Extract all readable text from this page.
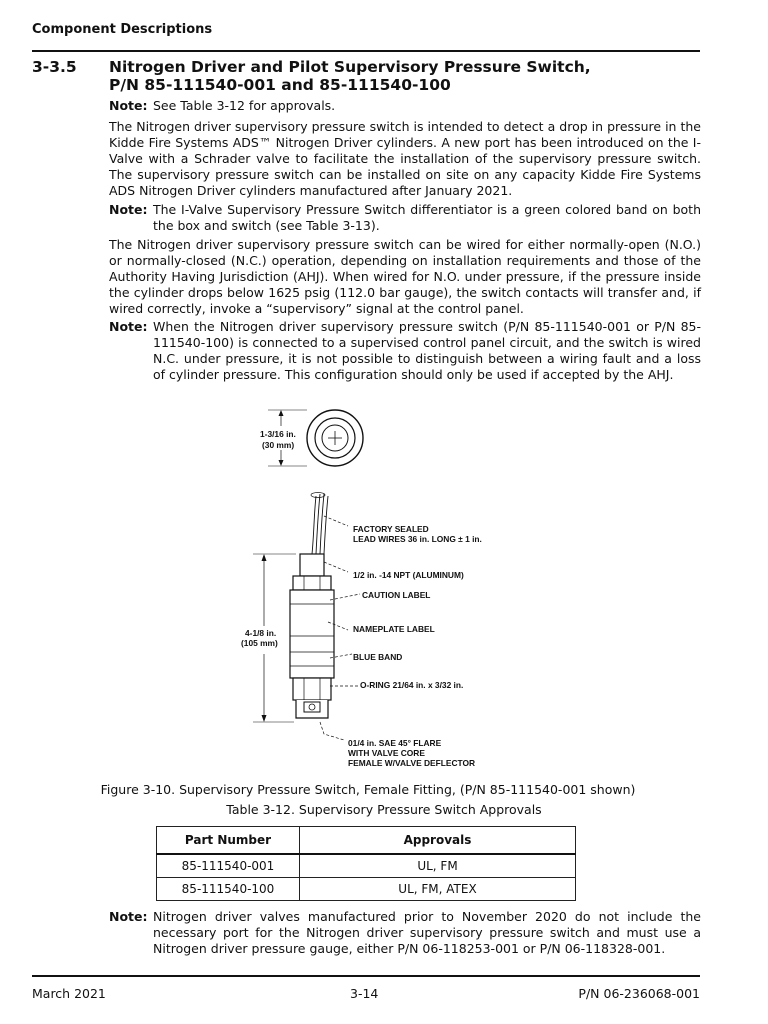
Component Descriptions
3-3.5 Nitrogen Driver and Pilot Supervisory Pressure Switch,
P/N 85-111540-001 and 85-111540-100
Note: See Table 3-12 for approvals.
The Nitrogen driver supervisory pressure switch is intended to detect a drop in pressure in the Kidde Fire Systems ADS™ Nitrogen Driver cylinders. A new port has been introduced on the I-Valve with a Schrader valve to facilitate the installation of the supervisory pressure switch. The supervisory pressure switch can be installed on site on any capacity Kidde Fire Systems ADS Nitrogen Driver cylinders manufactured after January 2021.
Note: The I-Valve Supervisory Pressure Switch differentiator is a green colored band on both the box and switch (see Table 3-13).
The Nitrogen driver supervisory pressure switch can be wired for either normally-open (N.O.) or normally-closed (N.C.) operation, depending on installation requirements and those of the Authority Having Jurisdiction (AHJ). When wired for N.O. under pressure, if the pressure inside the cylinder drops below 1625 psig (112.0 bar gauge), the switch contacts will transfer and, if wired correctly, invoke a “supervisory” signal at the control panel.
Note: When the Nitrogen driver supervisory pressure switch (P/N 85-111540-001 or P/N 85-111540-100) is connected to a supervised control panel circuit, and the switch is wired N.C. under pressure, it is not possible to distinguish between a wiring fault and a loss of cylinder pressure. This configuration should only be used if accepted by the AHJ.
1-3/16 in.
(30 mm)
4-1/8 in.
(105 mm)
FACTORY SEALED
LEAD WIRES 36 in. LONG ± 1 in.
1/2 in. -14 NPT (ALUMINUM)
CAUTION LABEL
NAMEPLATE LABEL
BLUE BAND
O-RING 21/64 in. x 3/32 in.
01/4 in. SAE 45° FLARE
WITH VALVE CORE
FEMALE W/VALVE DEFLECTOR
Figure 3-10. Supervisory Pressure Switch, Female Fitting, (P/N 85-111540-001 shown)
Table 3-12. Supervisory Pressure Switch Approvals
Part Number	Approvals
85-111540-001	UL, FM
85-111540-100	UL, FM, ATEX
Note: Nitrogen driver valves manufactured prior to November 2020 do not include the necessary port for the Nitrogen driver supervisory pressure switch and must use a Nitrogen driver pressure gauge, either P/N 06-118253-001 or P/N 06-118328-001.
March 2021	3-14	P/N 06-236068-001
